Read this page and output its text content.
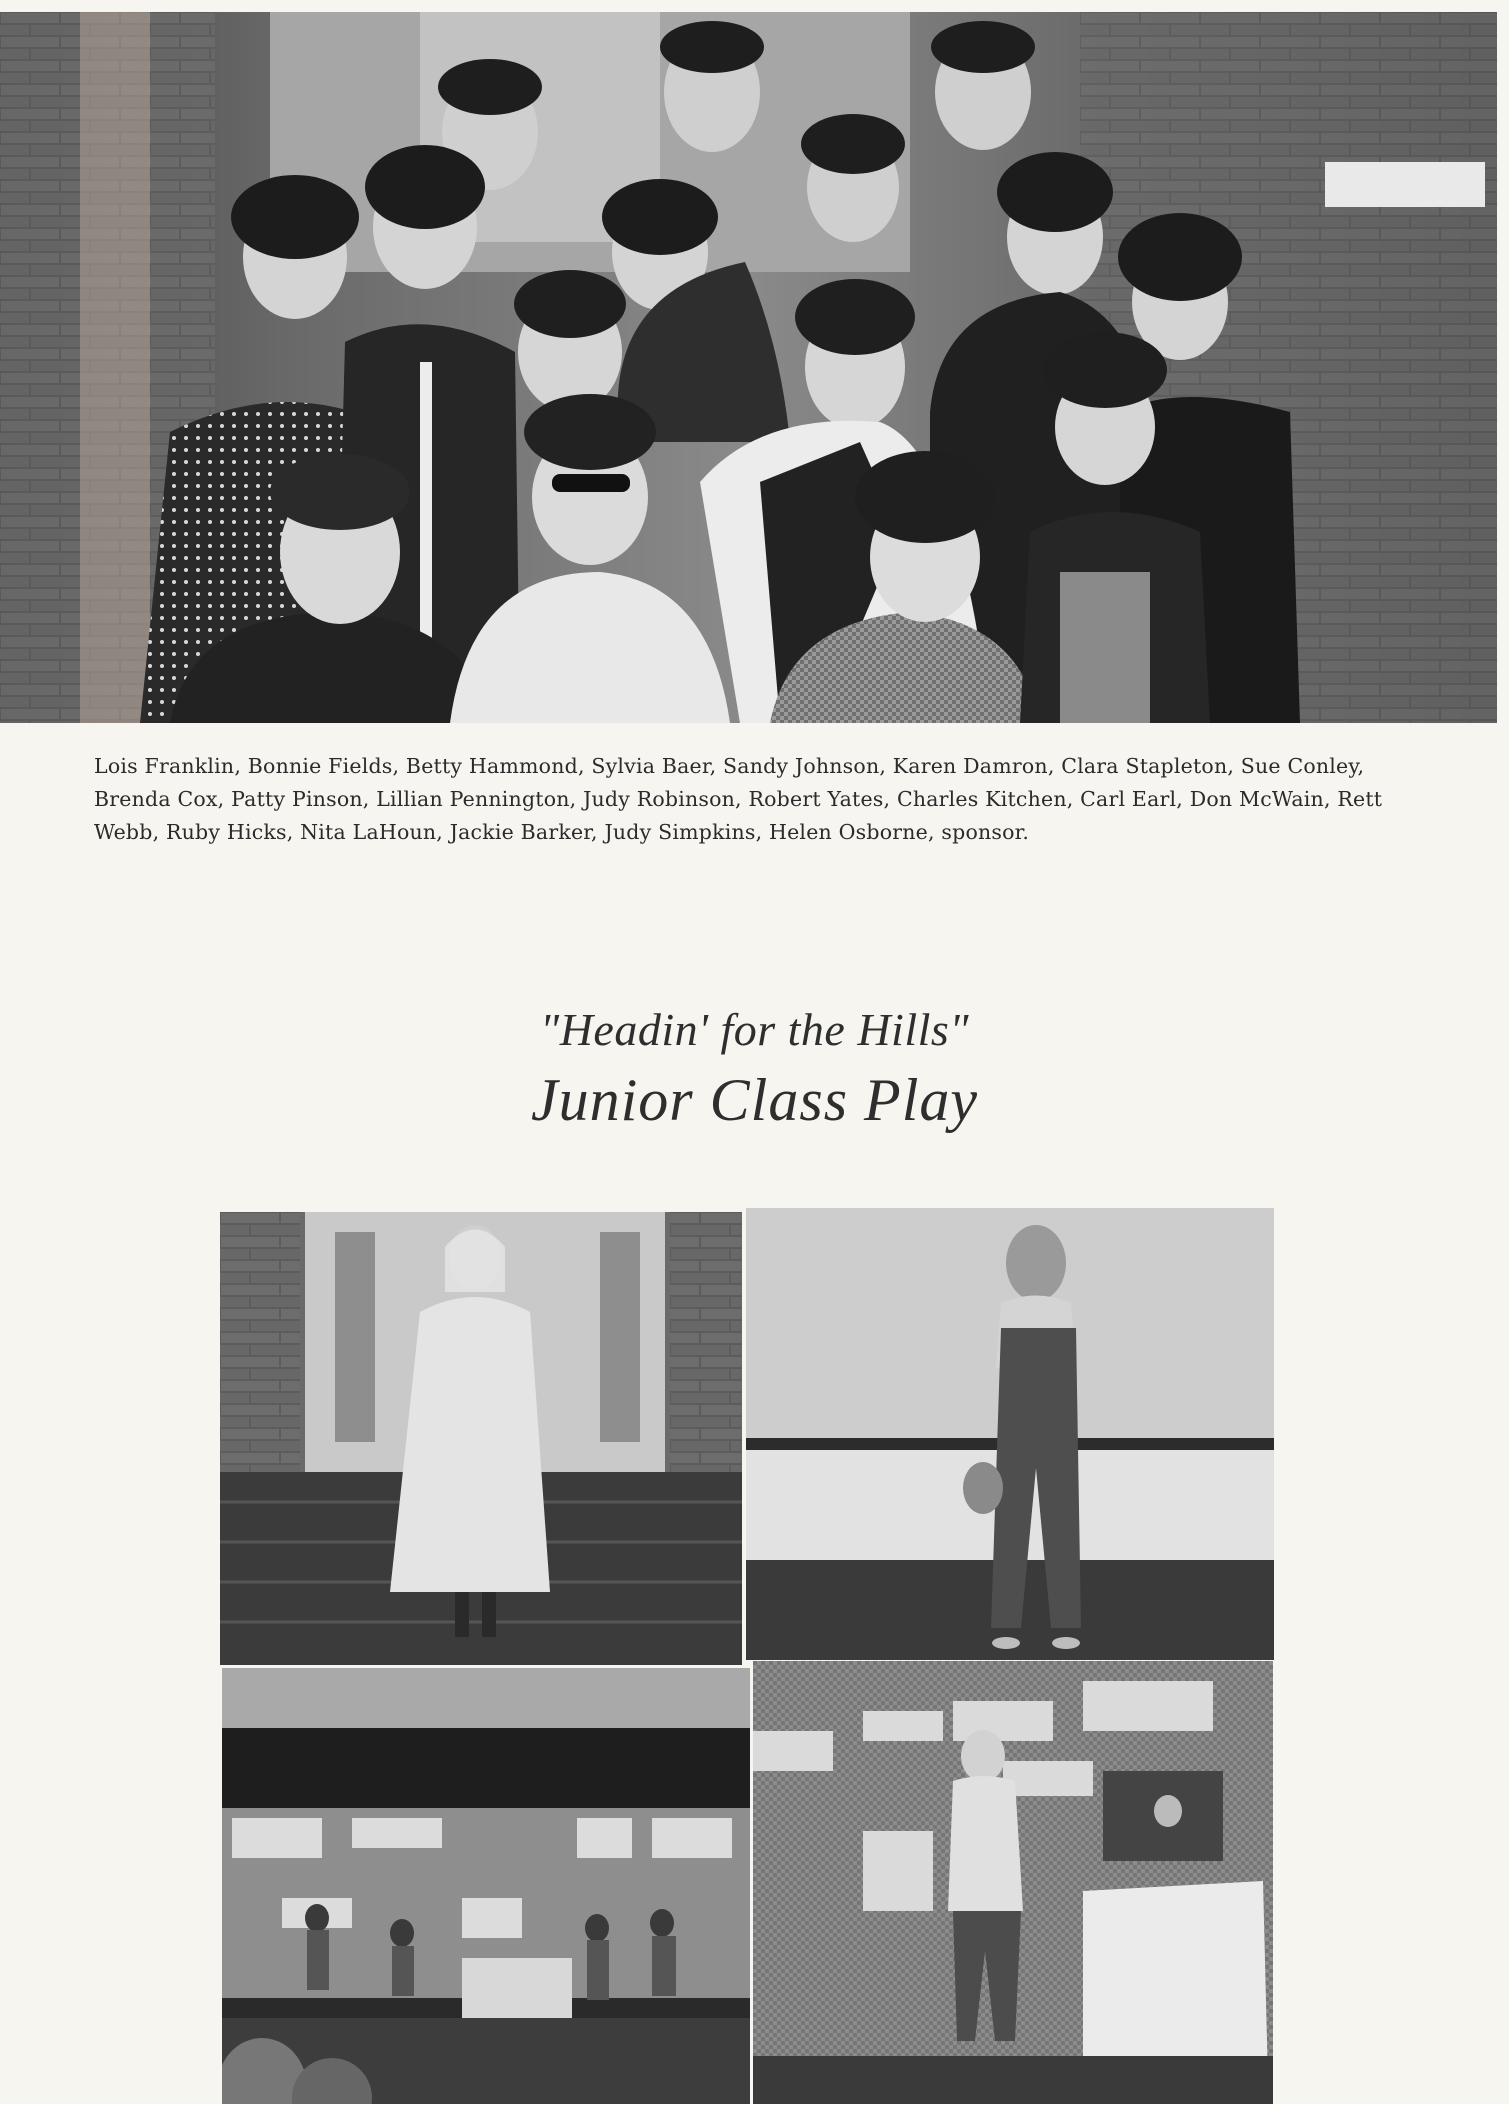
Lois Franklin, Bonnie Fields, Betty Hammond, Sylvia Baer, Sandy Johnson, Karen Damron, Clara Stapleton, Sue Conley, Brenda Cox, Patty Pinson, Lillian Pennington, Judy Robinson, Robert Yates, Charles Kitchen, Carl Earl, Don McWain, Rett Webb, Ruby Hicks, Nita LaHoun, Jackie Barker, Judy Simpkins, Helen Osborne, sponsor.
"Headin' for the Hills"
Junior Class Play
